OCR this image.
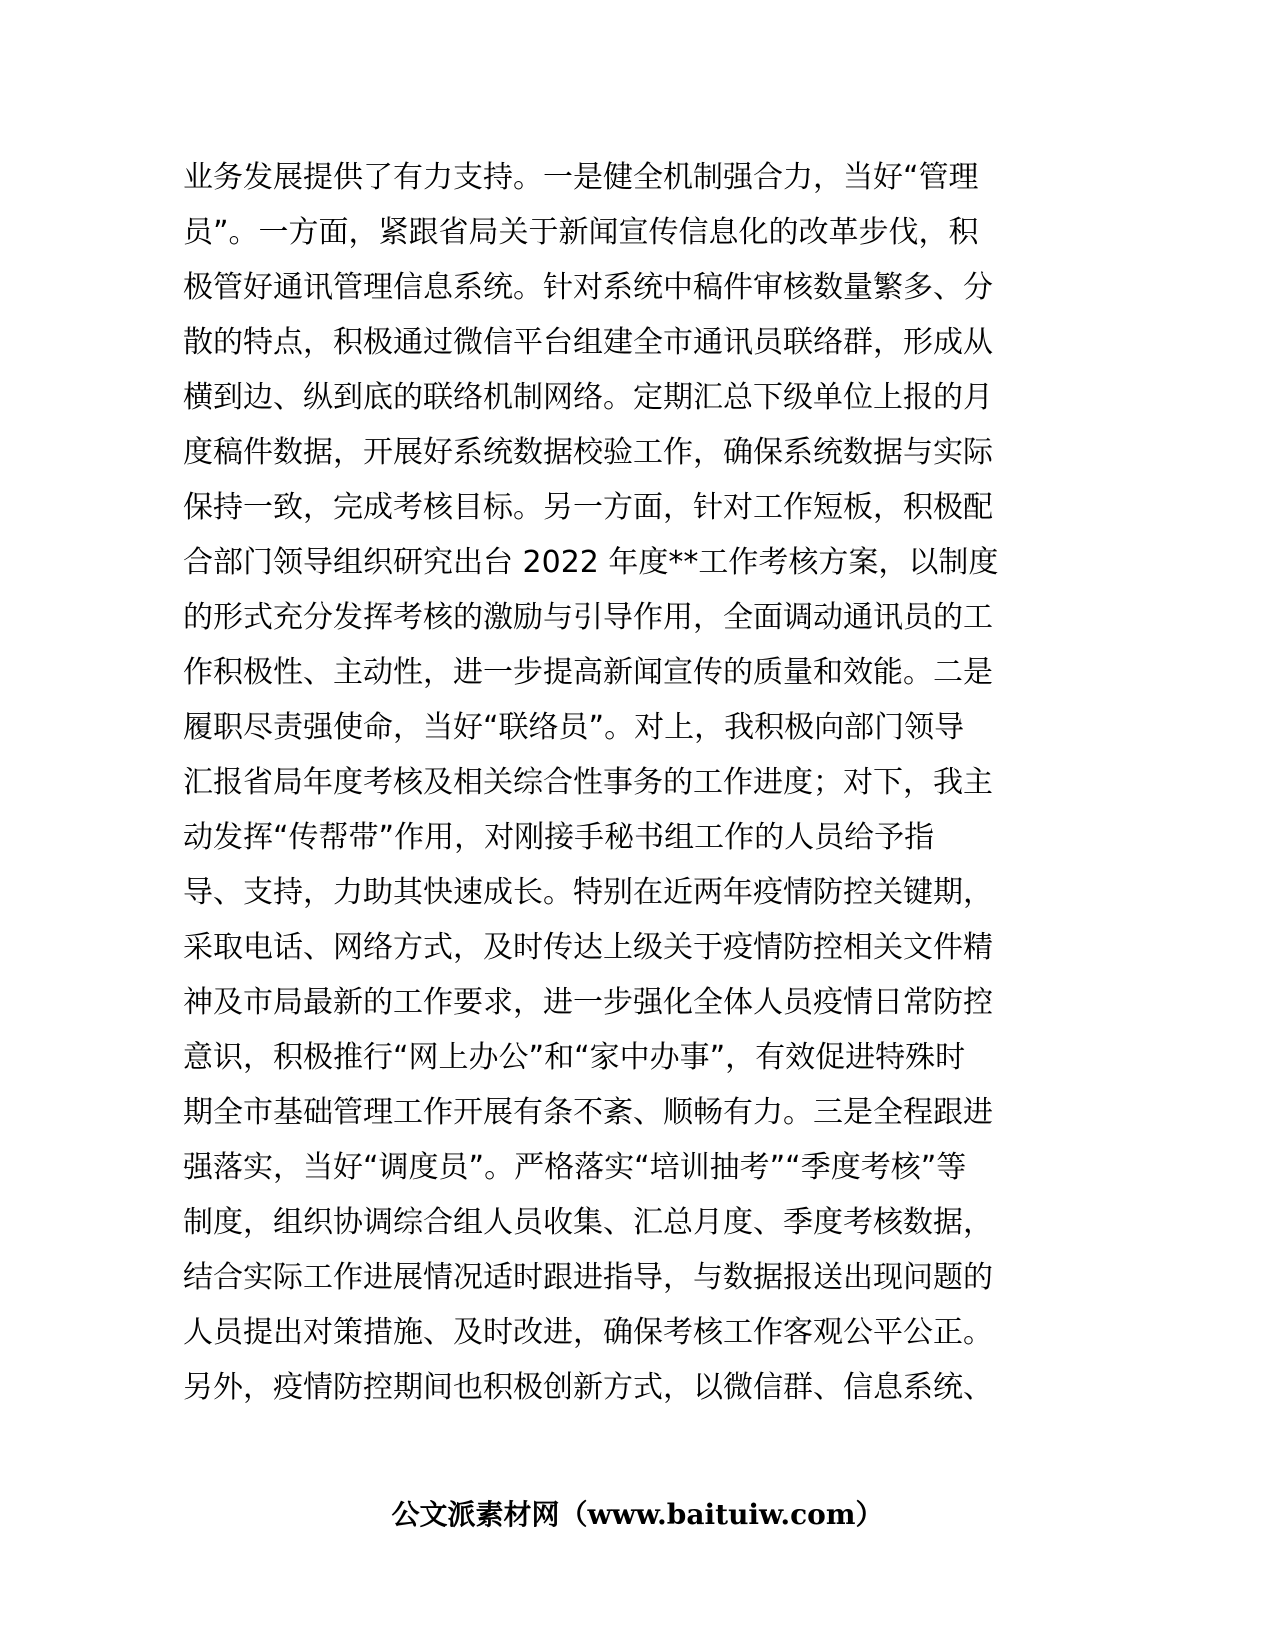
业务发展提供了有力支持。一是健全机制强合力，当好“管理
员”。一方面，紧跟省局关于新闻宣传信息化的改革步伐，积
极管好通讯管理信息系统。针对系统中稿件审核数量繁多、分
散的特点，积极通过微信平台组建全市通讯员联络群，形成从
横到边、纵到底的联络机制网络。定期汇总下级单位上报的月
度稿件数据，开展好系统数据校验工作，确保系统数据与实际
保持一致，完成考核目标。另一方面，针对工作短板，积极配
合部门领导组织研究出台 2022 年度**工作考核方案，以制度
的形式充分发挥考核的激励与引导作用，全面调动通讯员的工
作积极性、主动性，进一步提高新闻宣传的质量和效能。二是
履职尽责强使命，当好“联络员”。对上，我积极向部门领导
汇报省局年度考核及相关综合性事务的工作进度；对下，我主
动发挥“传帮带”作用，对刚接手秘书组工作的人员给予指
导、支持，力助其快速成长。特别在近两年疫情防控关键期，
采取电话、网络方式，及时传达上级关于疫情防控相关文件精
神及市局最新的工作要求，进一步强化全体人员疫情日常防控
意识，积极推行“网上办公”和“家中办事”，有效促进特殊时
期全市基础管理工作开展有条不紊、顺畅有力。三是全程跟进
强落实，当好“调度员”。严格落实“培训抽考”“季度考核”等
制度，组织协调综合组人员收集、汇总月度、季度考核数据，
结合实际工作进展情况适时跟进指导，与数据报送出现问题的
人员提出对策措施、及时改进，确保考核工作客观公平公正。
另外，疫情防控期间也积极创新方式，以微信群、信息系统、
公文派素材网（www.baituiw.com）
